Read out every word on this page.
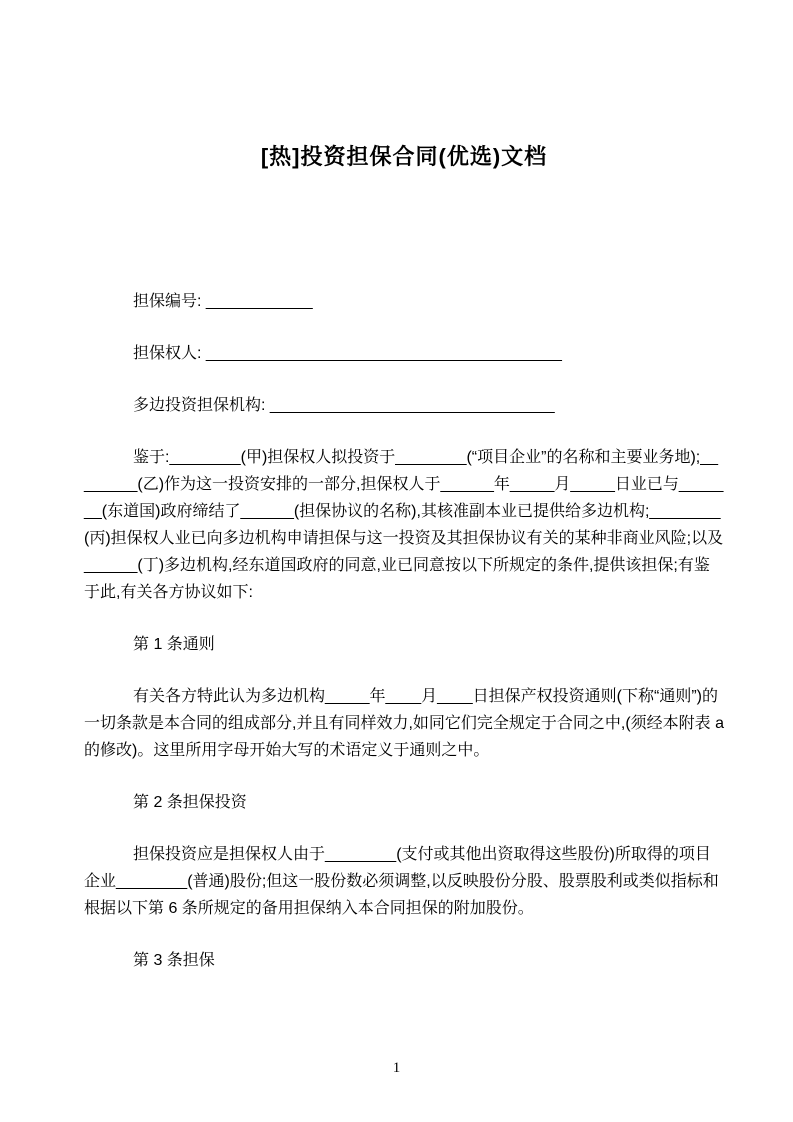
[热]投资担保合同(优选)文档

担保编号: ____________

担保权人: ________________________________________

多边投资担保机构: ________________________________

鉴于:________(甲)担保权人拟投资于________(“项目企业”的名称和主要业务地);________(乙)作为这一投资安排的一部分,担保权人于______年_____月_____日业已与_______(东道国)政府缔结了______(担保协议的名称),其核准副本业已提供给多边机构;________(丙)担保权人业已向多边机构申请担保与这一投资及其担保协议有关的某种非商业风险;以及______(丁)多边机构,经东道国政府的同意,业已同意按以下所规定的条件,提供该担保;有鉴于此,有关各方协议如下:

第 1 条通则

有关各方特此认为多边机构_____年____月____日担保产权投资通则(下称“通则”)的一切条款是本合同的组成部分,并且有同样效力,如同它们完全规定于合同之中,(须经本附表 a 的修改)。这里所用字母开始大写的术语定义于通则之中。

第 2 条担保投资

担保投资应是担保权人由于________(支付或其他出资取得这些股份)所取得的项目企业________(普通)股份;但这一股份数必须调整,以反映股份分股、股票股利或类似指标和根据以下第 6 条所规定的备用担保纳入本合同担保的附加股份。

第 3 条担保

1
